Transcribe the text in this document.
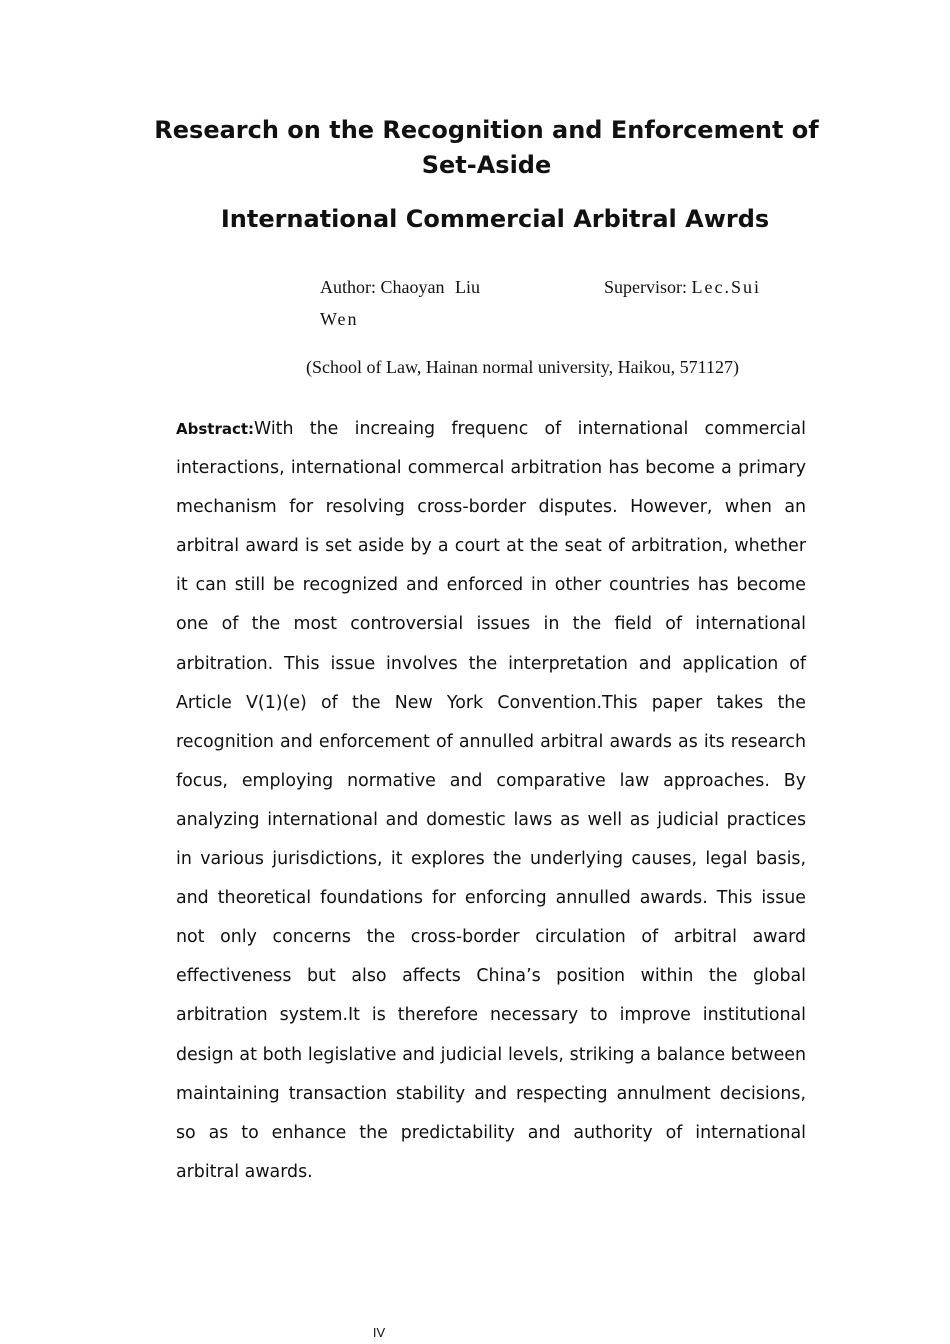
Research on the Recognition and Enforcement of Set-Aside
International Commercial Arbitral Awrds
Author: Chaoyan Liu
Wen
Supervisor: Lec.Sui
(School of Law, Hainan normal university, Haikou, 571127)

Abstract:With the increaing frequenc of international commercial interactions, international commercal arbitration has become a primary mechanism for resolving cross-border disputes. However, when an arbitral award is set aside by a court at the seat of arbitration, whether it can still be recognized and enforced in other countries has become one of the most controversial issues in the field of international arbitration. This issue involves the interpretation and application of Article V(1)(e) of the New York Convention.This paper takes the recognition and enforcement of annulled arbitral awards as its research focus, employing normative and comparative law approaches. By analyzing international and domestic laws as well as judicial practices in various jurisdictions, it explores the underlying causes, legal basis, and theoretical foundations for enforcing annulled awards. This issue not only concerns the cross-border circulation of arbitral award effectiveness but also affects China’s position within the global arbitration system.It is therefore necessary to improve institutional design at both legislative and judicial levels, striking a balance between maintaining transaction stability and respecting annulment decisions, so as to enhance the predictability and authority of international arbitral awards.

IV
